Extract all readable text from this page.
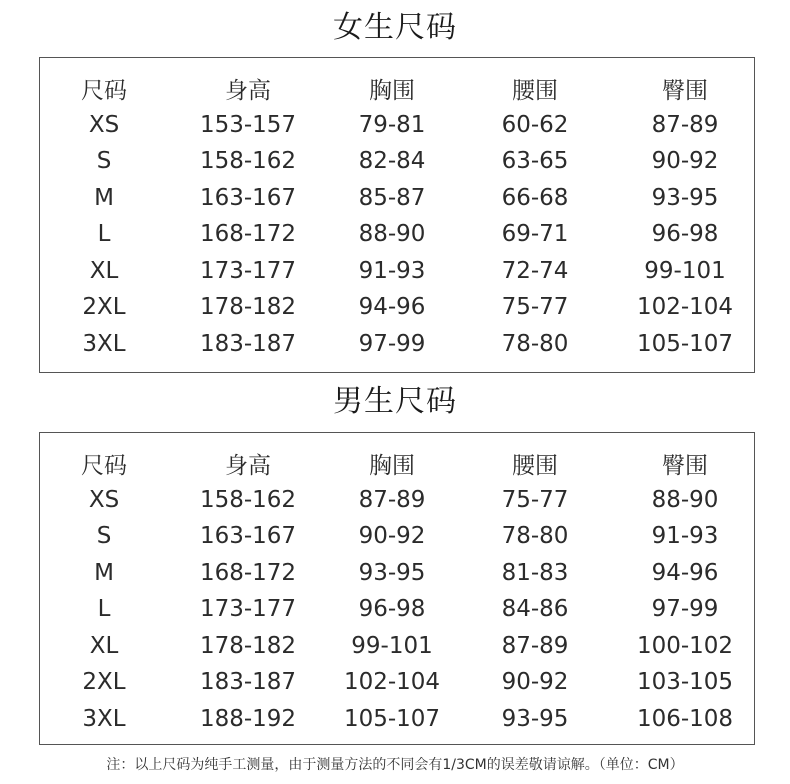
女生尺码
尺码	身高	胸围	腰围	臀围
XS	153-157	79-81	60-62	87-89
S	158-162	82-84	63-65	90-92
M	163-167	85-87	66-68	93-95
L	168-172	88-90	69-71	96-98
XL	173-177	91-93	72-74	99-101
2XL	178-182	94-96	75-77	102-104
3XL	183-187	97-99	78-80	105-107
男生尺码
尺码	身高	胸围	腰围	臀围
XS	158-162	87-89	75-77	88-90
S	163-167	90-92	78-80	91-93
M	168-172	93-95	81-83	94-96
L	173-177	96-98	84-86	97-99
XL	178-182	99-101	87-89	100-102
2XL	183-187	102-104	90-92	103-105
3XL	188-192	105-107	93-95	106-108
注：以上尺码为纯手工测量，由于测量方法的不同会有1/3CM的误差敬请谅解。（单位：CM）
